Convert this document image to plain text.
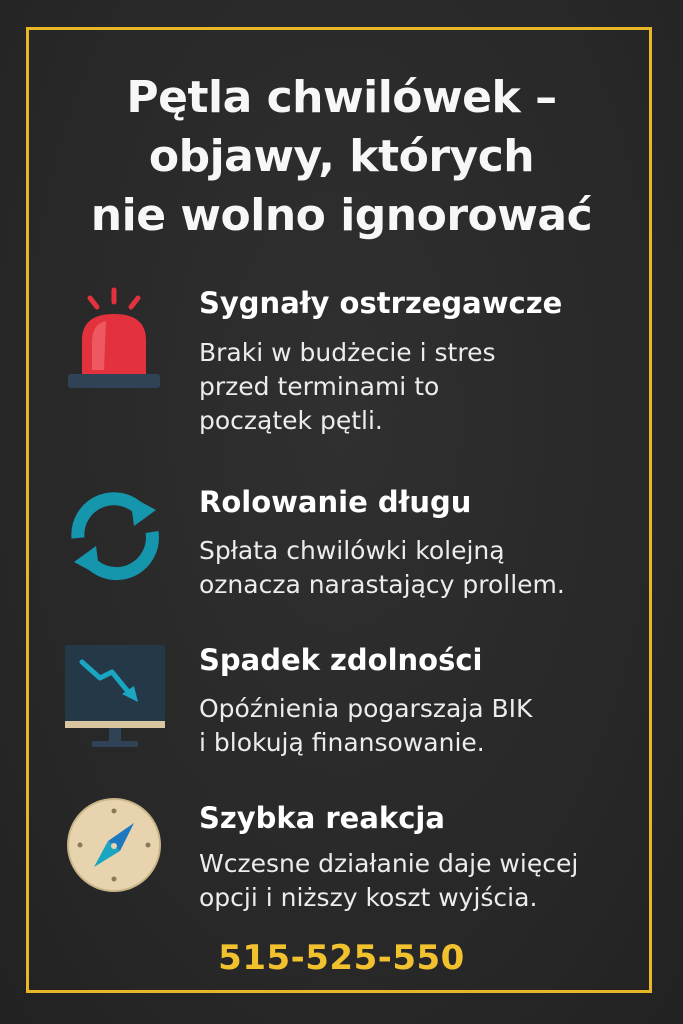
Pętla chwilówek –
objawy, których
nie wolno ignorować
Sygnały ostrzegawcze
Braki w budżecie i stres
przed terminami to
początek pętli.
Rolowanie długu
Spłata chwilówki kolejną
oznacza narastający prollem.
Spadek zdolności
Opóźnienia pogarszaja BIK
i blokują finansowanie.
Szybka reakcja
Wczesne działanie daje więcej
opcji i niższy koszt wyjścia.
515-525-550
